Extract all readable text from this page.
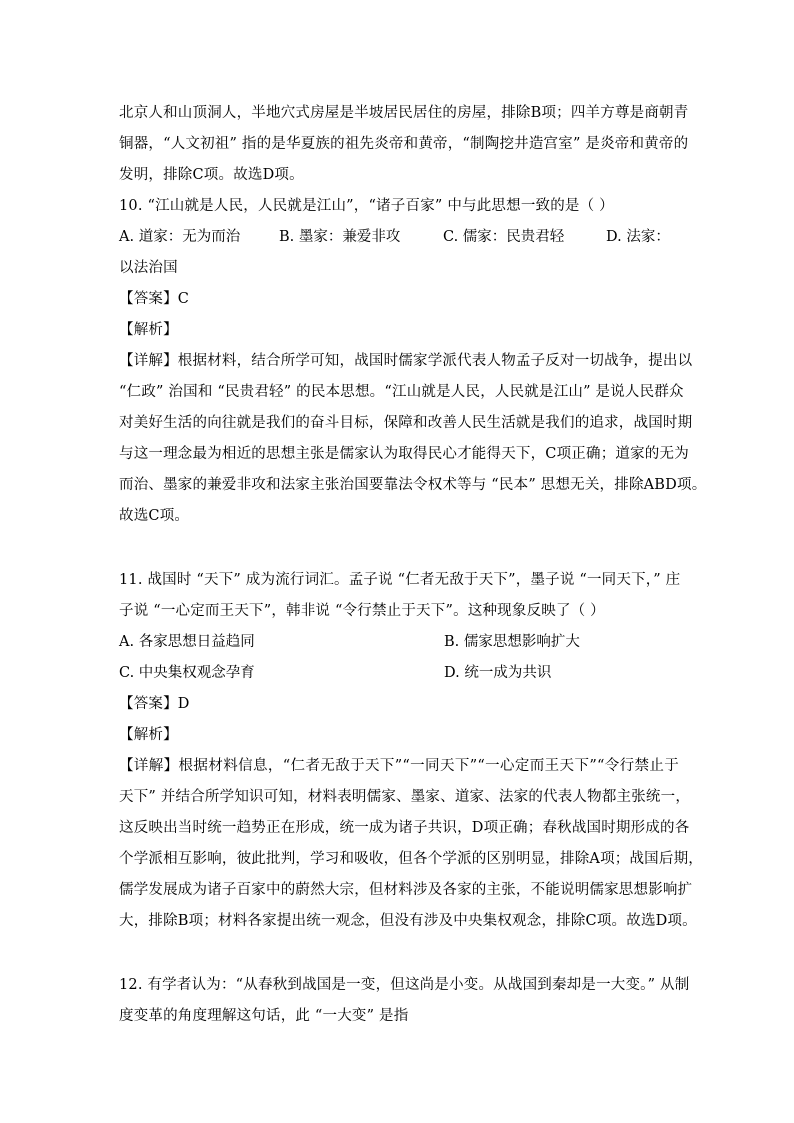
北京人和山顶洞人，半地穴式房屋是半坡居民居住的房屋，排除B项；四羊方尊是商朝青
铜器，“人文初祖” 指的是华夏族的祖先炎帝和黄帝，“制陶挖井造宫室” 是炎帝和黄帝的
发明，排除C项。故选D项。
10. “江山就是人民，人民就是江山”，“诸子百家” 中与此思想一致的是（ ）
A. 道家：无为而治	B. 墨家：兼爱非攻	C. 儒家：民贵君轻	D. 法家：
以法治国
【答案】C
【解析】
【详解】根据材料，结合所学可知，战国时儒家学派代表人物孟子反对一切战争，提出以
“仁政” 治国和 “民贵君轻” 的民本思想。“江山就是人民，人民就是江山” 是说人民群众
对美好生活的向往就是我们的奋斗目标，保障和改善人民生活就是我们的追求，战国时期
与这一理念最为相近的思想主张是儒家认为取得民心才能得天下，C项正确；道家的无为
而治、墨家的兼爱非攻和法家主张治国要靠法令权术等与 “民本” 思想无关，排除ABD项。
故选C项。
11. 战国时 “天下” 成为流行词汇。孟子说 “仁者无敌于天下”，墨子说 “一同天下，” 庄
子说 “一心定而王天下”，韩非说 “令行禁止于天下”。这种现象反映了（ ）
A. 各家思想日益趋同	B. 儒家思想影响扩大
C. 中央集权观念孕育	D. 统一成为共识
【答案】D
【解析】
【详解】根据材料信息，“仁者无敌于天下”“一同天下”“一心定而王天下”“令行禁止于
天下” 并结合所学知识可知，材料表明儒家、墨家、道家、法家的代表人物都主张统一，
这反映出当时统一趋势正在形成，统一成为诸子共识，D项正确；春秋战国时期形成的各
个学派相互影响，彼此批判，学习和吸收，但各个学派的区别明显，排除A项；战国后期，
儒学发展成为诸子百家中的蔚然大宗，但材料涉及各家的主张，不能说明儒家思想影响扩
大，排除B项；材料各家提出统一观念，但没有涉及中央集权观念，排除C项。故选D项。
12. 有学者认为：“从春秋到战国是一变，但这尚是小变。从战国到秦却是一大变。” 从制
度变革的角度理解这句话，此 “一大变” 是指
